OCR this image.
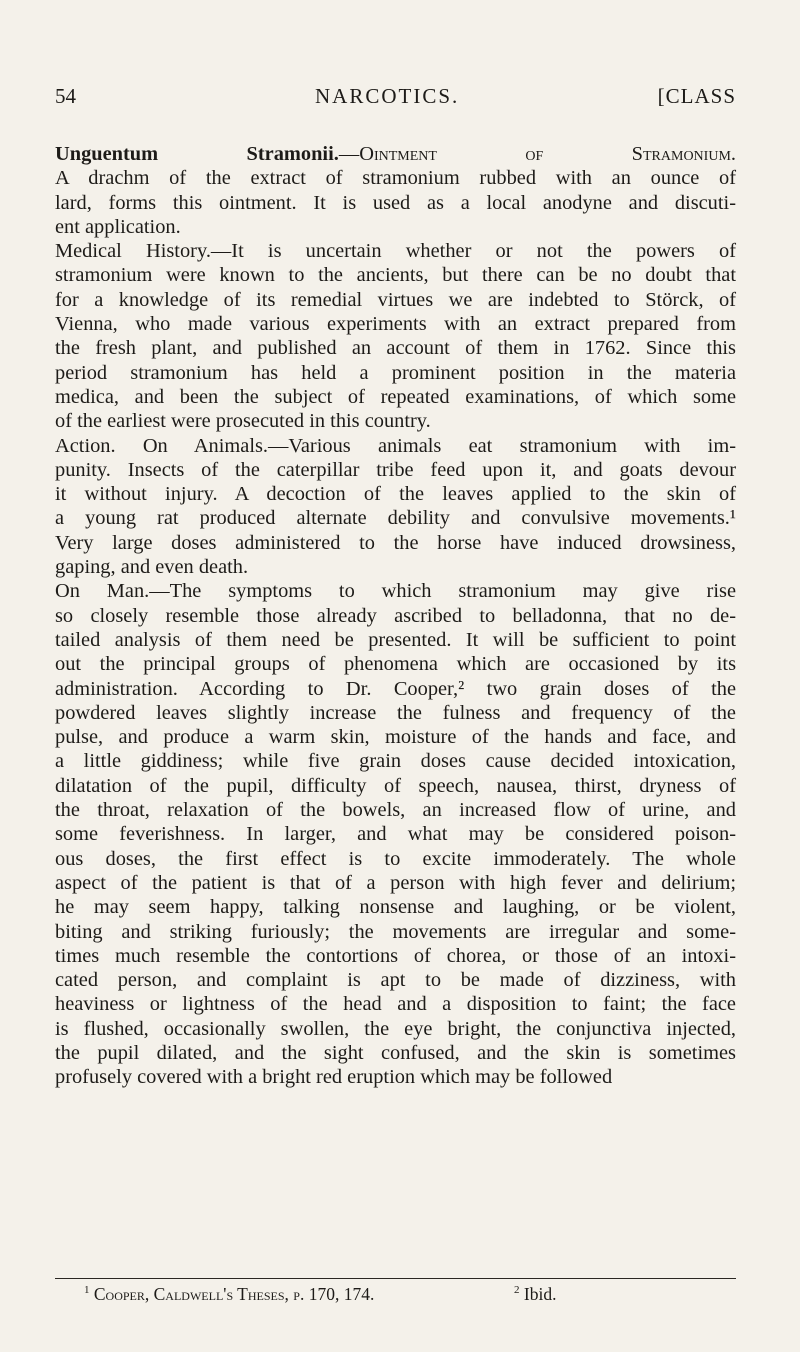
54	NARCOTICS.	[CLASS
Unguentum Stramonii.—Ointment of Stramonium.
A drachm of the extract of stramonium rubbed with an ounce of
lard, forms this ointment. It is used as a local anodyne and discuti-
ent application.
Medical History.—It is uncertain whether or not the powers of
stramonium were known to the ancients, but there can be no doubt that
for a knowledge of its remedial virtues we are indebted to Störck, of
Vienna, who made various experiments with an extract prepared from
the fresh plant, and published an account of them in 1762. Since this
period stramonium has held a prominent position in the materia
medica, and been the subject of repeated examinations, of which some
of the earliest were prosecuted in this country.
Action. On Animals.—Various animals eat stramonium with im-
punity. Insects of the caterpillar tribe feed upon it, and goats devour
it without injury. A decoction of the leaves applied to the skin of
a young rat produced alternate debility and convulsive movements.¹
Very large doses administered to the horse have induced drowsiness,
gaping, and even death.
On Man.—The symptoms to which stramonium may give rise
so closely resemble those already ascribed to belladonna, that no de-
tailed analysis of them need be presented. It will be sufficient to point
out the principal groups of phenomena which are occasioned by its
administration. According to Dr. Cooper,² two grain doses of the
powdered leaves slightly increase the fulness and frequency of the
pulse, and produce a warm skin, moisture of the hands and face, and
a little giddiness; while five grain doses cause decided intoxication,
dilatation of the pupil, difficulty of speech, nausea, thirst, dryness of
the throat, relaxation of the bowels, an increased flow of urine, and
some feverishness. In larger, and what may be considered poison-
ous doses, the first effect is to excite immoderately. The whole
aspect of the patient is that of a person with high fever and delirium;
he may seem happy, talking nonsense and laughing, or be violent,
biting and striking furiously; the movements are irregular and some-
times much resemble the contortions of chorea, or those of an intoxi-
cated person, and complaint is apt to be made of dizziness, with
heaviness or lightness of the head and a disposition to faint; the face
is flushed, occasionally swollen, the eye bright, the conjunctiva injected,
the pupil dilated, and the sight confused, and the skin is sometimes
profusely covered with a bright red eruption which may be followed
$^1$ Cooper, Caldwell's Theses, p. 170, 174.	$^2$ Ibid.
